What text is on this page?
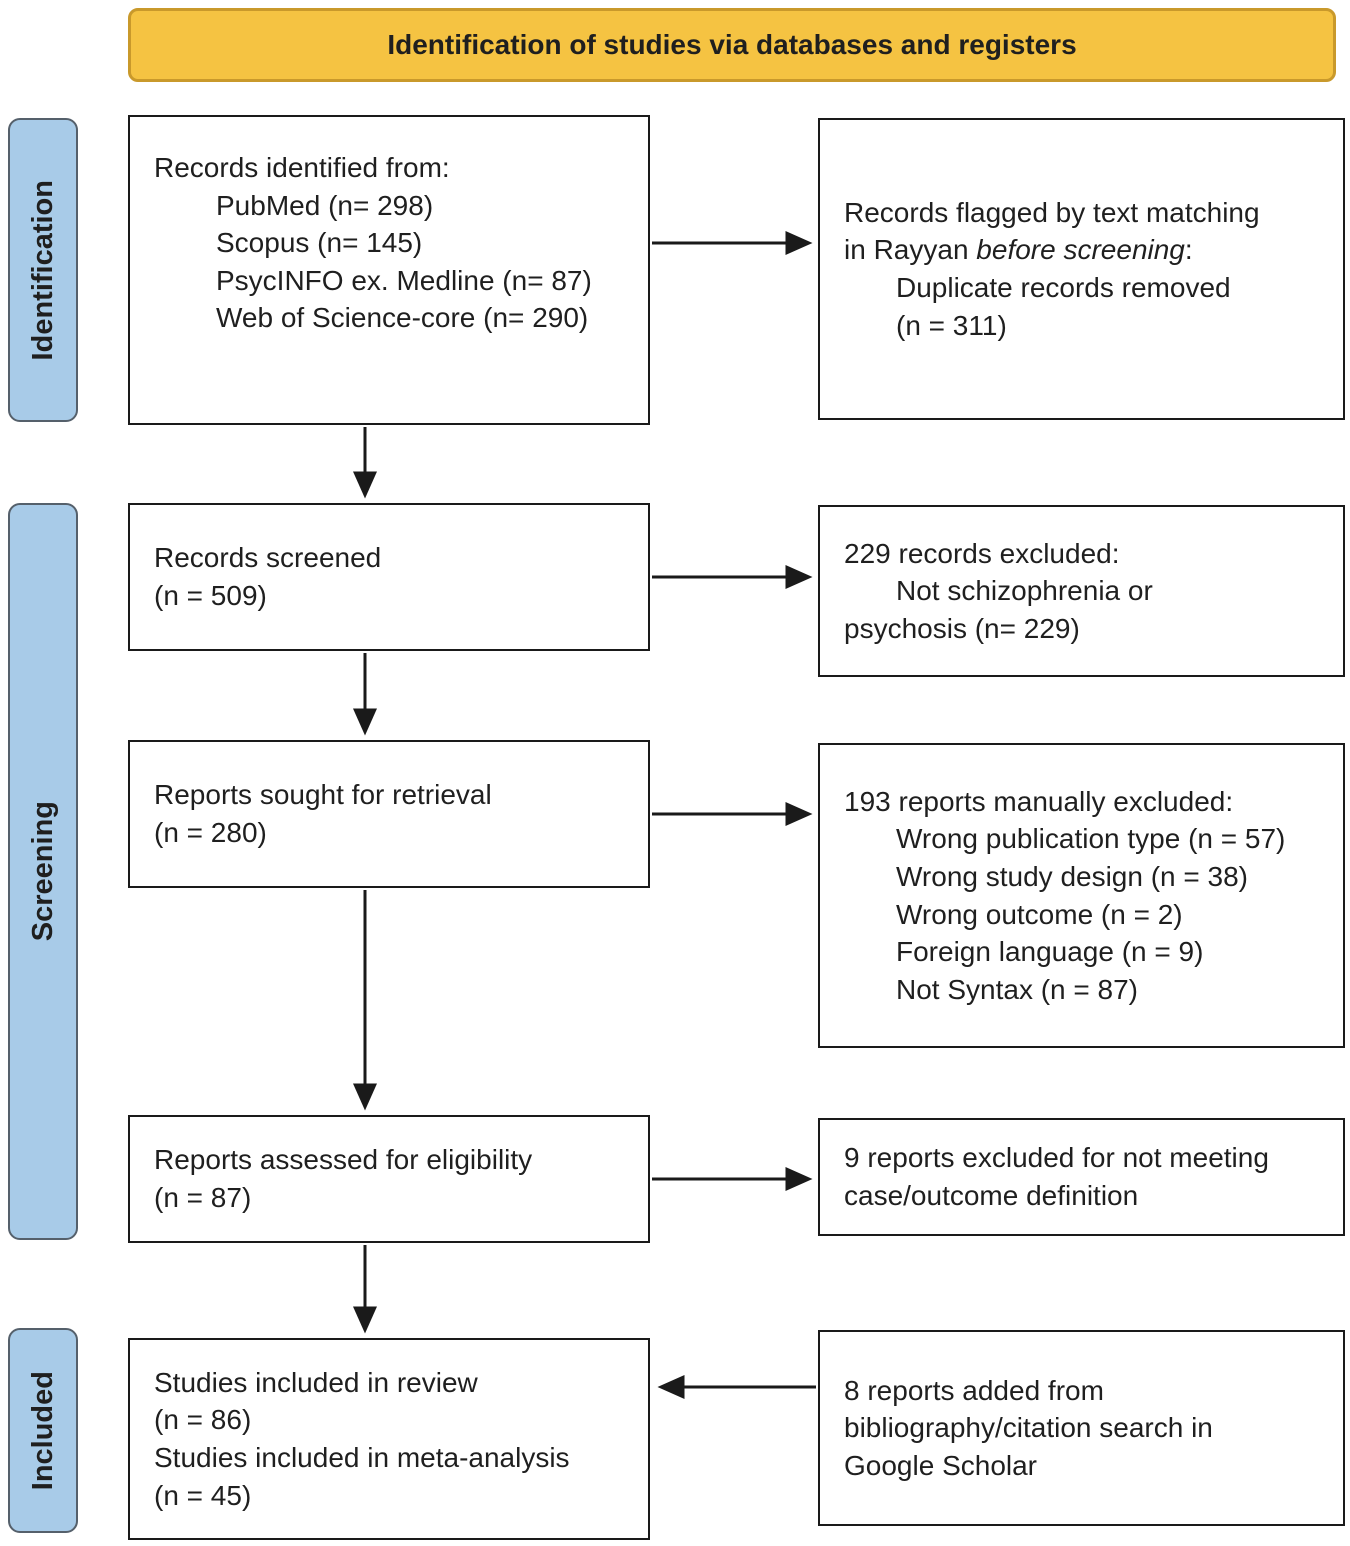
Identification of studies via databases and registers
Identification
Screening
Included
Records identified from:
PubMed (n= 298)
Scopus (n= 145)
PsycINFO ex. Medline (n= 87)
Web of Science-core (n= 290)
Records screened
(n = 509)
Reports sought for retrieval
(n = 280)
Reports assessed for eligibility
(n = 87)
Studies included in review
(n = 86)
Studies included in meta-analysis
(n = 45)
Records flagged by text matching
in Rayyan before screening:
Duplicate records removed
(n = 311)
229 records excluded:
Not schizophrenia or
psychosis (n= 229)
193 reports manually excluded:
Wrong publication type (n = 57)
Wrong study design (n = 38)
Wrong outcome (n = 2)
Foreign language (n = 9)
Not Syntax (n = 87)
9 reports excluded for not meeting
case/outcome definition
8 reports added from
bibliography/citation search in
Google Scholar
